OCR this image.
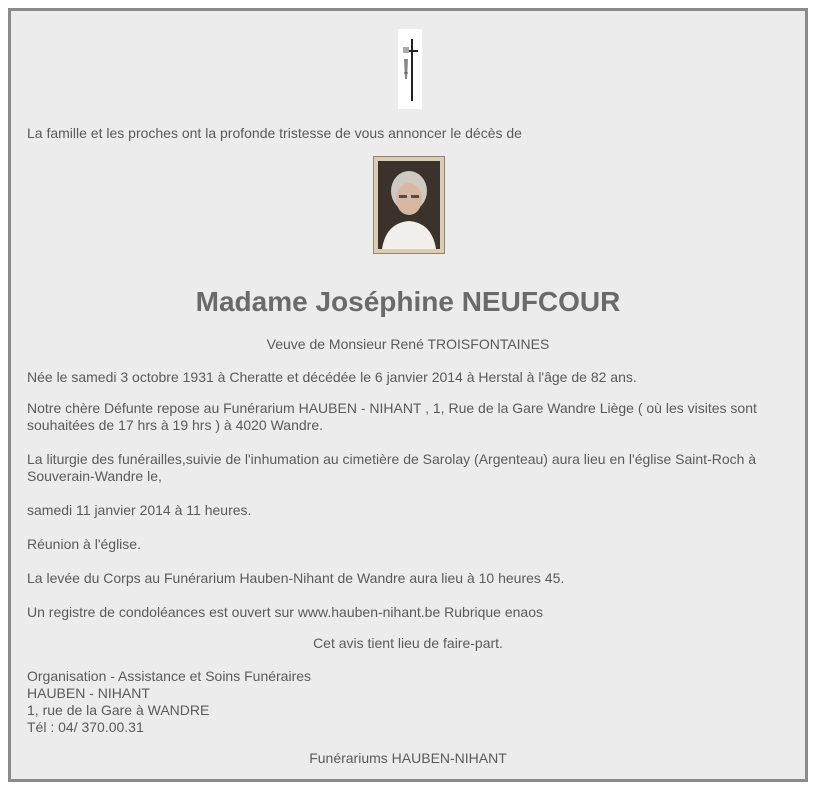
La famille et les proches ont la profonde tristesse de vous annoncer le décès de
Madame Joséphine NEUFCOUR
Veuve de Monsieur René TROISFONTAINES
Née le samedi 3 octobre 1931 à Cheratte et décédée le 6 janvier 2014 à Herstal à l'âge de 82 ans.
Notre chère Défunte repose au Funérarium HAUBEN - NIHANT , 1, Rue de la Gare Wandre Liège ( où les visites sont
souhaitées de 17 hrs à 19 hrs ) à 4020 Wandre.
La liturgie des funérailles,suivie de l'inhumation au cimetière de Sarolay (Argenteau) aura lieu en l'église Saint-Roch à
Souverain-Wandre le,
samedi 11 janvier 2014 à 11 heures.
Réunion à l'église.
La levée du Corps au Funérarium Hauben-Nihant de Wandre aura lieu à 10 heures 45.
Un registre de condoléances est ouvert sur www.hauben-nihant.be Rubrique enaos
Cet avis tient lieu de faire-part.
Organisation - Assistance et Soins Funéraires
HAUBEN - NIHANT
1, rue de la Gare à WANDRE
Tél : 04/ 370.00.31
Funérariums HAUBEN-NIHANT
